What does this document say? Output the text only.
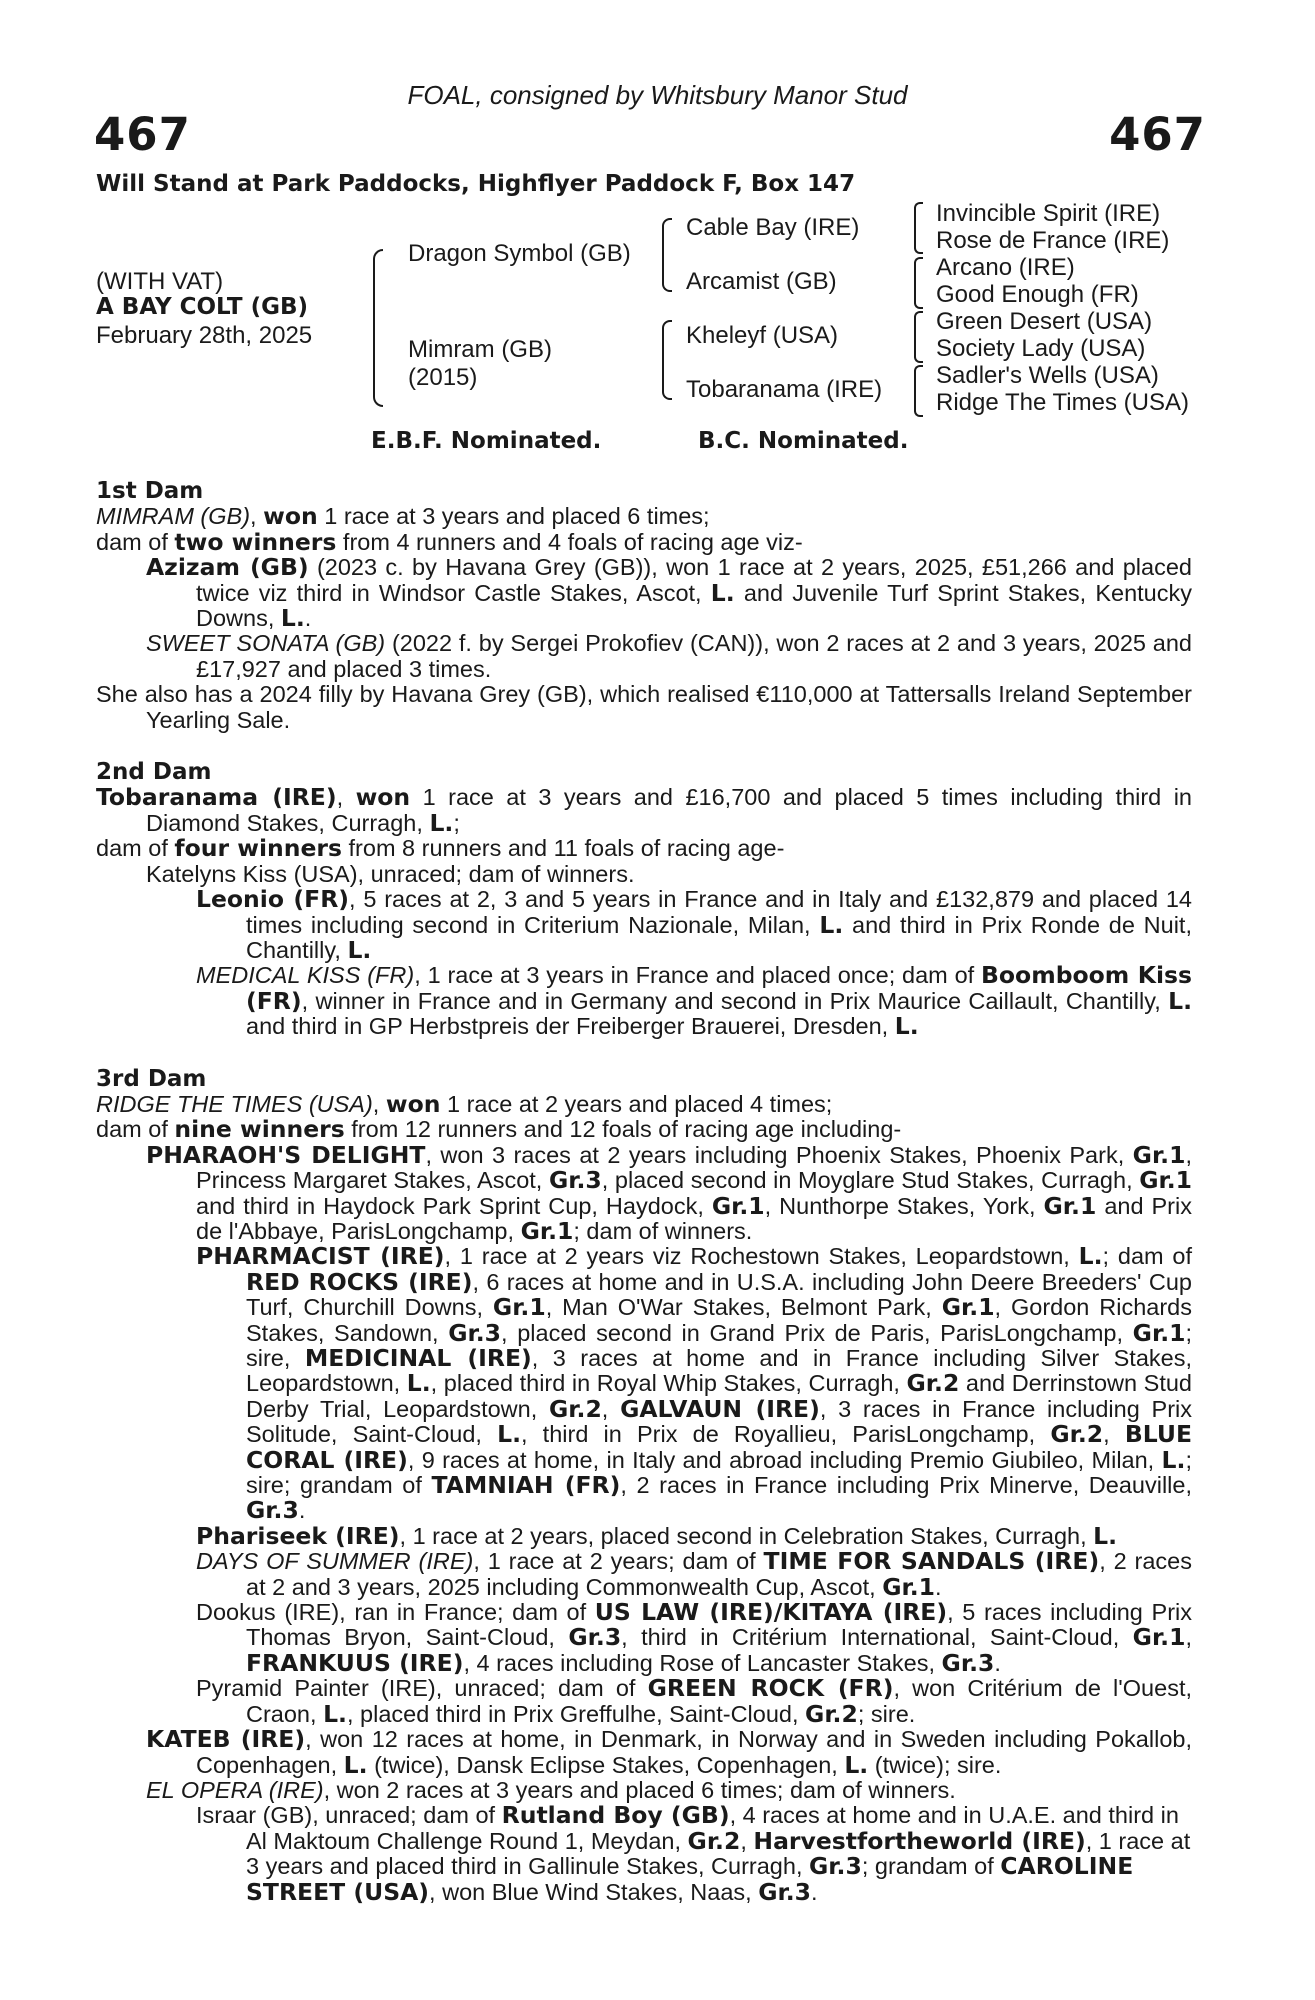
FOAL, consigned by Whitsbury Manor Stud
467	467
Will Stand at Park Paddocks, Highflyer Paddock F, Box 147
(WITH VAT)
A BAY COLT (GB)
February 28th, 2025
Dragon Symbol (GB)
Mimram (GB)
(2015)
Cable Bay (IRE)
Arcamist (GB)
Kheleyf (USA)
Tobaranama (IRE)
Invincible Spirit (IRE)
Rose de France (IRE)
Arcano (IRE)
Good Enough (FR)
Green Desert (USA)
Society Lady (USA)
Sadler's Wells (USA)
Ridge The Times (USA)
E.B.F. Nominated.	B.C. Nominated.

1st Dam

MIMRAM (GB), won 1 race at 3 years and placed 6 times;

dam of two winners from 4 runners and 4 foals of racing age viz-

Azizam (GB) (2023 c. by Havana Grey (GB)), won 1 race at 2 years, 2025, £51,266 and placed twice viz third in Windsor Castle Stakes, Ascot, L. and Juvenile Turf Sprint Stakes, Kentucky Downs, L..

SWEET SONATA (GB) (2022 f. by Sergei Prokofiev (CAN)), won 2 races at 2 and 3 years, 2025 and £17,927 and placed 3 times.

She also has a 2024 filly by Havana Grey (GB), which realised €110,000 at Tattersalls Ireland September Yearling Sale.

2nd Dam

Tobaranama (IRE), won 1 race at 3 years and £16,700 and placed 5 times including third in Diamond Stakes, Curragh, L.;

dam of four winners from 8 runners and 11 foals of racing age-

Katelyns Kiss (USA), unraced; dam of winners.

Leonio (FR), 5 races at 2, 3 and 5 years in France and in Italy and £132,879 and placed 14 times including second in Criterium Nazionale, Milan, L. and third in Prix Ronde de Nuit, Chantilly, L.

MEDICAL KISS (FR), 1 race at 3 years in France and placed once; dam of Boomboom Kiss (FR), winner in France and in Germany and second in Prix Maurice Caillault, Chantilly, L. and third in GP Herbstpreis der Freiberger Brauerei, Dresden, L.

3rd Dam

RIDGE THE TIMES (USA), won 1 race at 2 years and placed 4 times;

dam of nine winners from 12 runners and 12 foals of racing age including-

PHARAOH'S DELIGHT, won 3 races at 2 years including Phoenix Stakes, Phoenix Park, Gr.1, Princess Margaret Stakes, Ascot, Gr.3, placed second in Moyglare Stud Stakes, Curragh, Gr.1 and third in Haydock Park Sprint Cup, Haydock, Gr.1, Nunthorpe Stakes, York, Gr.1 and Prix de l'Abbaye, ParisLongchamp, Gr.1; dam of winners.

PHARMACIST (IRE), 1 race at 2 years viz Rochestown Stakes, Leopardstown, L.; dam of RED ROCKS (IRE), 6 races at home and in U.S.A. including John Deere Breeders' Cup Turf, Churchill Downs, Gr.1, Man O'War Stakes, Belmont Park, Gr.1, Gordon Richards Stakes, Sandown, Gr.3, placed second in Grand Prix de Paris, ParisLongchamp, Gr.1; sire, MEDICINAL (IRE), 3 races at home and in France including Silver Stakes, Leopardstown, L., placed third in Royal Whip Stakes, Curragh, Gr.2 and Derrinstown Stud Derby Trial, Leopardstown, Gr.2, GALVAUN (IRE), 3 races in France including Prix Solitude, Saint-Cloud, L., third in Prix de Royallieu, ParisLongchamp, Gr.2, BLUE CORAL (IRE), 9 races at home, in Italy and abroad including Premio Giubileo, Milan, L.; sire; grandam of TAMNIAH (FR), 2 races in France including Prix Minerve, Deauville, Gr.3.

Phariseek (IRE), 1 race at 2 years, placed second in Celebration Stakes, Curragh, L.

DAYS OF SUMMER (IRE), 1 race at 2 years; dam of TIME FOR SANDALS (IRE), 2 races at 2 and 3 years, 2025 including Commonwealth Cup, Ascot, Gr.1.

Dookus (IRE), ran in France; dam of US LAW (IRE)/KITAYA (IRE), 5 races including Prix Thomas Bryon, Saint-Cloud, Gr.3, third in Critérium International, Saint-Cloud, Gr.1, FRANKUUS (IRE), 4 races including Rose of Lancaster Stakes, Gr.3.

Pyramid Painter (IRE), unraced; dam of GREEN ROCK (FR), won Critérium de l'Ouest, Craon, L., placed third in Prix Greffulhe, Saint-Cloud, Gr.2; sire.

KATEB (IRE), won 12 races at home, in Denmark, in Norway and in Sweden including Pokallob, Copenhagen, L. (twice), Dansk Eclipse Stakes, Copenhagen, L. (twice); sire.

EL OPERA (IRE), won 2 races at 3 years and placed 6 times; dam of winners.

Israar (GB), unraced; dam of Rutland Boy (GB), 4 races at home and in U.A.E. and third in Al Maktoum Challenge Round 1, Meydan, Gr.2, Harvestfortheworld (IRE), 1 race at 3 years and placed third in Gallinule Stakes, Curragh, Gr.3; grandam of CAROLINE STREET (USA), won Blue Wind Stakes, Naas, Gr.3.
